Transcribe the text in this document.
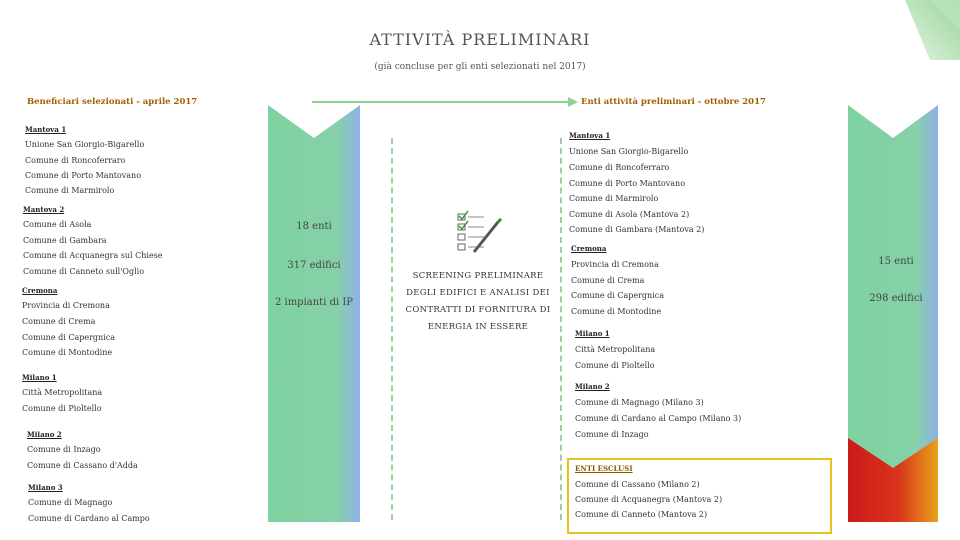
ATTIVITÀ PRELIMINARI
(già concluse per gli enti selezionati nel 2017)
Beneficiari selezionati - aprile 2017
Mantova 1
Unione San Giorgio-Bigarello
Comune di Roncoferraro
Comune di Porto Mantovano
Comune di Marmirolo
Mantova 2
Comune di Asola
Comune di Gambara
Comune di Acquanegra sul Chiese
Comune di Canneto sull'Oglio
Cremona
Provincia di Cremona
Comune di Crema
Comune di Capergnica
Comune di Montodine
Milano 1
Città Metropolitana
Comune di Pioltello
Milano 2
Comune di Inzago
Comune di Cassano d'Adda
Milano 3
Comune di Magnago
Comune di Cardano al Campo
18 enti
317 edifici
2 impianti di IP
SCREENING PRELIMINARE DEGLI EDIFICI E ANALISI DEI CONTRATTI DI FORNITURA DI ENERGIA IN ESSERE
Enti attività preliminari - ottobre 2017
Mantova 1
Unione San Giorgio-Bigarello
Comune di Roncoferraro
Comune di Porto Mantovano
Comune di Marmirolo
Comune di Asola (Mantova 2)
Comune di Gambara (Mantova 2)
Cremona
Provincia di Cremona
Comune di Crema
Comune di Capergnica
Comune di Montodine
Milano 1
Città Metropolitana
Comune di Pioltello
Milano 2
Comune di Magnago (Milano 3)
Comune di Cardano al Campo (Milano 3)
Comune di Inzago
ENTI ESCLUSI
Comune di Cassano (Milano 2)
Comune di Acquanegra (Mantova 2)
Comune di Canneto (Mantova 2)
15 enti
298 edifici
